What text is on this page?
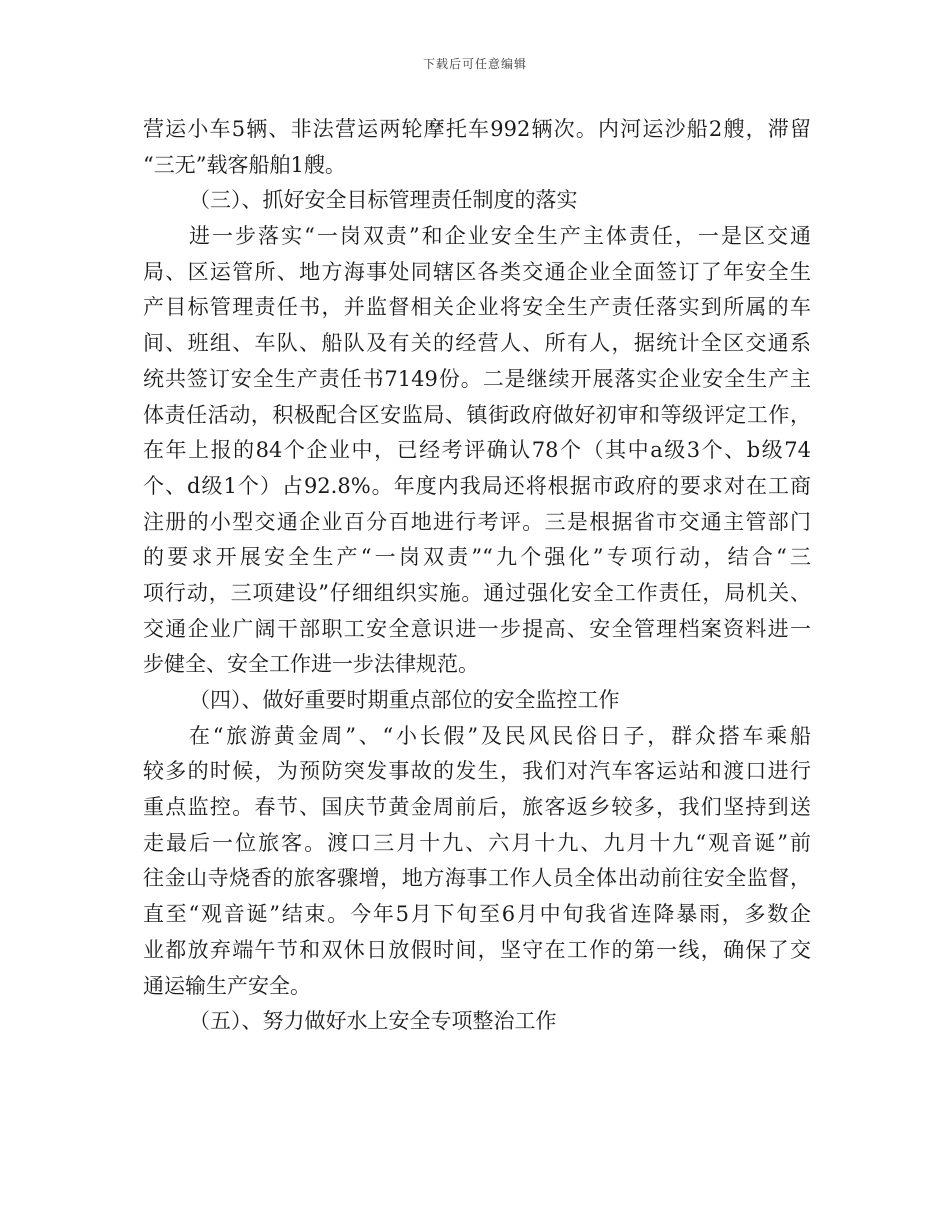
下载后可任意编辑
营运小车5辆、非法营运两轮摩托车992辆次。内河运沙船2艘，滞留
“三无”载客船舶1艘。
（三）、抓好安全目标管理责任制度的落实
进一步落实“一岗双责”和企业安全生产主体责任，一是区交通
局、区运管所、地方海事处同辖区各类交通企业全面签订了年安全生
产目标管理责任书，并监督相关企业将安全生产责任落实到所属的车
间、班组、车队、船队及有关的经营人、所有人，据统计全区交通系
统共签订安全生产责任书7149份。二是继续开展落实企业安全生产主
体责任活动，积极配合区安监局、镇街政府做好初审和等级评定工作，
在年上报的84个企业中，已经考评确认78个（其中a级3个、b级74
个、d级1个）占92.8%。年度内我局还将根据市政府的要求对在工商
注册的小型交通企业百分百地进行考评。三是根据省市交通主管部门
的要求开展安全生产“一岗双责”“九个强化”专项行动，结合“三
项行动，三项建设”仔细组织实施。通过强化安全工作责任，局机关、
交通企业广阔干部职工安全意识进一步提高、安全管理档案资料进一
步健全、安全工作进一步法律规范。
（四）、做好重要时期重点部位的安全监控工作
在“旅游黄金周”、“小长假”及民风民俗日子，群众搭车乘船
较多的时候，为预防突发事故的发生，我们对汽车客运站和渡口进行
重点监控。春节、国庆节黄金周前后，旅客返乡较多，我们坚持到送
走最后一位旅客。渡口三月十九、六月十九、九月十九“观音诞”前
往金山寺烧香的旅客骤增，地方海事工作人员全体出动前往安全监督，
直至“观音诞”结束。今年5月下旬至6月中旬我省连降暴雨，多数企
业都放弃端午节和双休日放假时间，坚守在工作的第一线，确保了交
通运输生产安全。
（五）、努力做好水上安全专项整治工作
